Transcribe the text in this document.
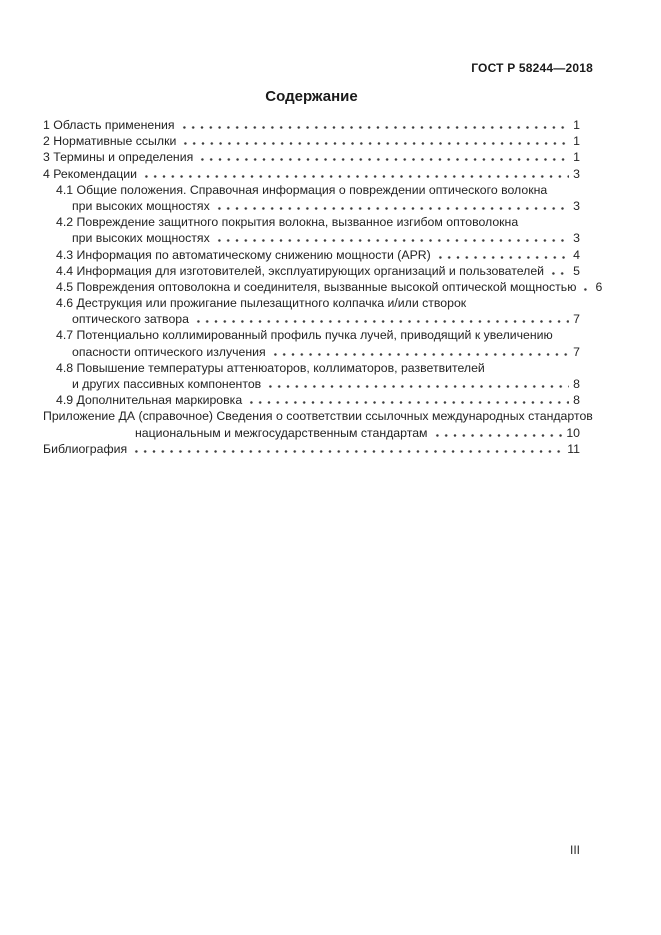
ГОСТ Р 58244—2018
Содержание
1 Область применения	1
2 Нормативные ссылки	1
3 Термины и определения	1
4 Рекомендации	3
4.1 Общие положения. Справочная информация о повреждении оптического волокна
при высоких мощностях	3
4.2 Повреждение защитного покрытия волокна, вызванное изгибом оптоволокна
при высоких мощностях	3
4.3 Информация по автоматическому снижению мощности (APR)	4
4.4 Информация для изготовителей, эксплуатирующих организаций и пользователей 5
4.5 Повреждения оптоволокна и соединителя, вызванные высокой оптической мощностью 6
4.6 Деструкция или прожигание пылезащитного колпачка и/или створок
оптического затвора	7
4.7 Потенциально коллимированный профиль пучка лучей, приводящий к увеличению
опасности оптического излучения	7
4.8 Повышение температуры аттенюаторов, коллиматоров, разветвителей
и других пассивных компонентов	8
4.9 Дополнительная маркировка	8
Приложение ДА (справочное) Сведения о соответствии ссылочных международных стандартов
национальным и межгосударственным стандартам	10
Библиография	11
III
